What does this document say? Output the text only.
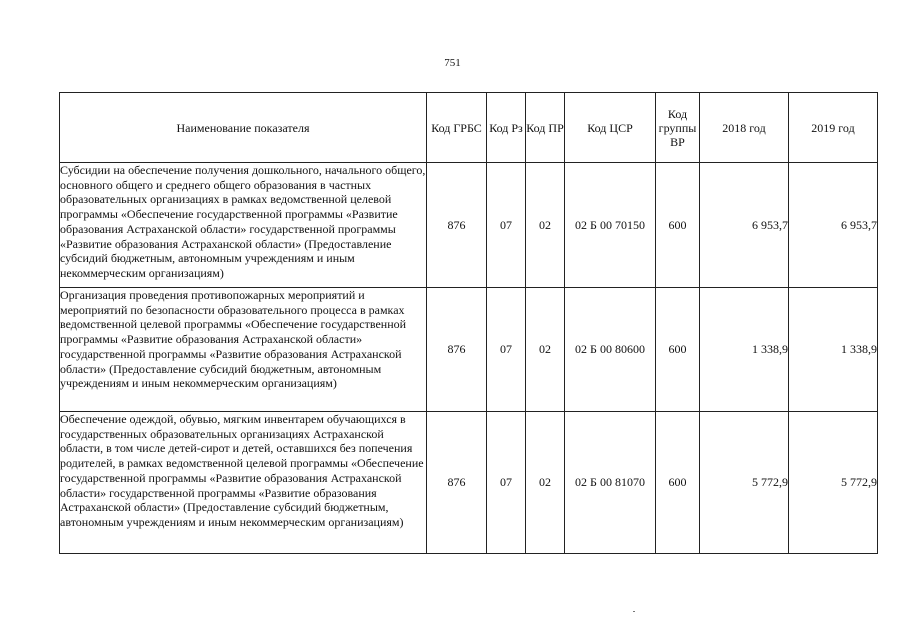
751
Наименование показателя	Код ГРБС	Код Рз	Код ПР	Код ЦСР	Код группы ВР	2018 год	2019 год
Субсидии на обеспечение получения дошкольного, начального общего, основного общего и среднего общего образования в частных образовательных организациях в рамках ведомственной целевой программы «Обеспечение государственной программы «Развитие образования Астраханской области» государственной программы «Развитие образования Астраханской области» (Предоставление субсидий бюджетным, автономным учреждениям и иным некоммерческим организациям)	876	07	02	02 Б 00 70150	600	6 953,7	6 953,7
Организация проведения противопожарных мероприятий и мероприятий по безопасности образовательного процесса в рамках ведомственной целевой программы «Обеспечение государственной программы «Развитие образования Астраханской области» государственной программы «Развитие образования Астраханской области» (Предоставление субсидий бюджетным, автономным учреждениям и иным некоммерческим организациям)	876	07	02	02 Б 00 80600	600	1 338,9	1 338,9
Обеспечение одеждой, обувью, мягким инвентарем обучающихся в государственных образовательных организациях Астраханской области, в том числе детей-сирот и детей, оставшихся без попечения родителей, в рамках ведомственной целевой программы «Обеспечение государственной программы «Развитие образования Астраханской области» государственной программы «Развитие образования Астраханской области» (Предоставление субсидий бюджетным, автономным учреждениям и иным некоммерческим организациям)	876	07	02	02 Б 00 81070	600	5 772,9	5 772,9
